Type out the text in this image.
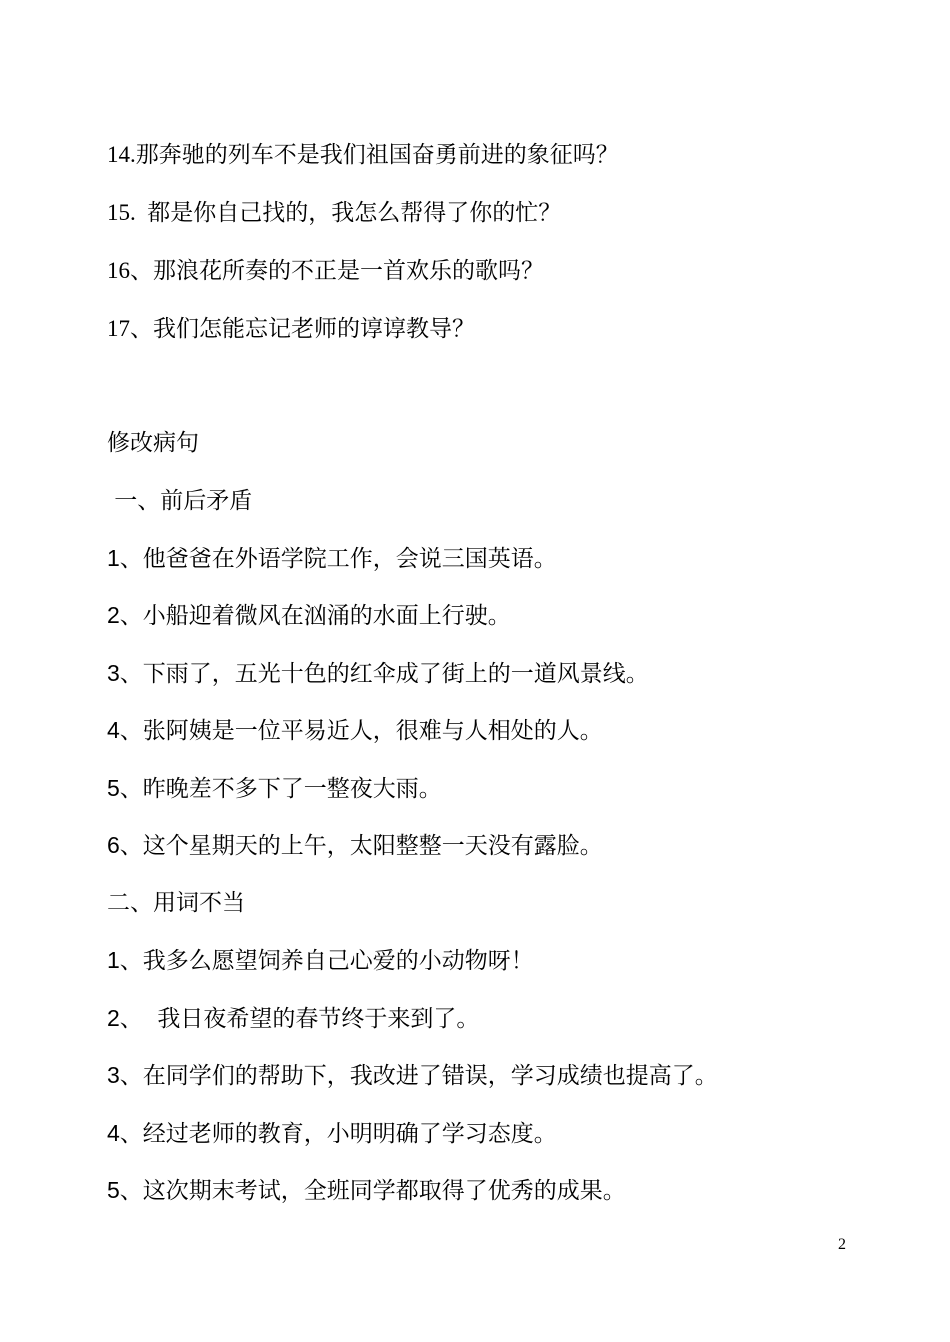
14.那奔驰的列车不是我们祖国奋勇前进的象征吗？
15.  都是你自己找的，我怎么帮得了你的忙？
16、那浪花所奏的不正是一首欢乐的歌吗？
17、我们怎能忘记老师的谆谆教导？
修改病句
一、前后矛盾
1、他爸爸在外语学院工作，会说三国英语。
2、小船迎着微风在汹涌的水面上行驶。
3、下雨了，五光十色的红伞成了街上的一道风景线。
4、张阿姨是一位平易近人，很难与人相处的人。
5、昨晚差不多下了一整夜大雨。
6、这个星期天的上午，太阳整整一天没有露脸。
二、用词不当
1、我多么愿望饲养自己心爱的小动物呀！
2、  我日夜希望的春节终于来到了。
3、在同学们的帮助下，我改进了错误，学习成绩也提高了。
4、经过老师的教育，小明明确了学习态度。
5、这次期末考试，全班同学都取得了优秀的成果。
2
